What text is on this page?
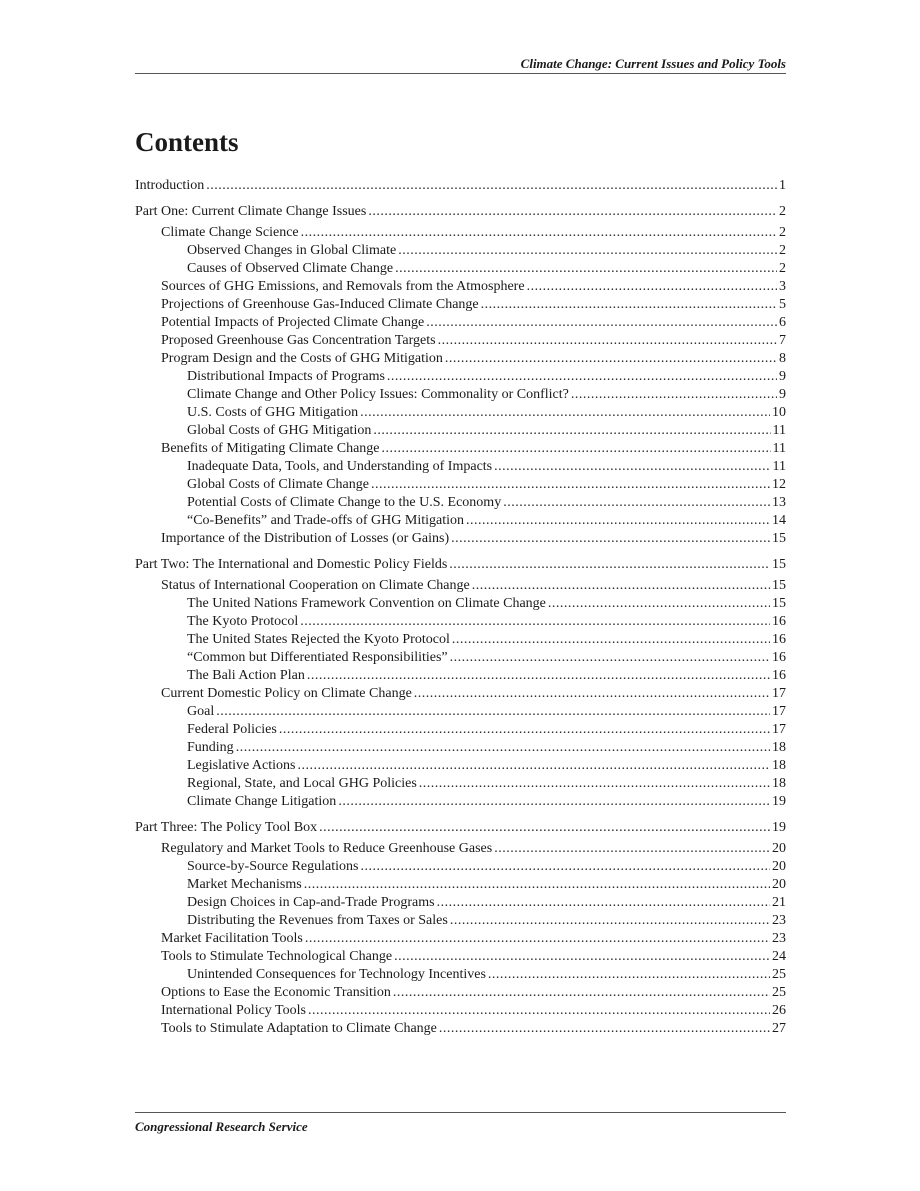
Climate Change: Current Issues and Policy Tools
Contents
Introduction .....	1
Part One: Current Climate Change Issues .....	2
Climate Change Science .....	2
Observed Changes in Global Climate .....	2
Causes of Observed Climate Change .....	2
Sources of GHG Emissions, and Removals from the Atmosphere .....	3
Projections of Greenhouse Gas-Induced Climate Change .....	5
Potential Impacts of Projected Climate Change .....	6
Proposed Greenhouse Gas Concentration Targets .....	7
Program Design and the Costs of GHG Mitigation .....	8
Distributional Impacts of Programs .....	9
Climate Change and Other Policy Issues: Commonality or Conflict? .....	9
U.S. Costs of GHG Mitigation .....	10
Global Costs of GHG Mitigation .....	11
Benefits of Mitigating Climate Change .....	11
Inadequate Data, Tools, and Understanding of Impacts .....	11
Global Costs of Climate Change .....	12
Potential Costs of Climate Change to the U.S. Economy .....	13
“Co-Benefits” and Trade-offs of GHG Mitigation .....	14
Importance of the Distribution of Losses (or Gains) .....	15
Part Two: The International and Domestic Policy Fields .....	15
Status of International Cooperation on Climate Change .....	15
The United Nations Framework Convention on Climate Change .....	15
The Kyoto Protocol .....	16
The United States Rejected the Kyoto Protocol .....	16
“Common but Differentiated Responsibilities” .....	16
The Bali Action Plan .....	16
Current Domestic Policy on Climate Change .....	17
Goal .....	17
Federal Policies .....	17
Funding .....	18
Legislative Actions .....	18
Regional, State, and Local GHG Policies .....	18
Climate Change Litigation .....	19
Part Three: The Policy Tool Box .....	19
Regulatory and Market Tools to Reduce Greenhouse Gases .....	20
Source-by-Source Regulations .....	20
Market Mechanisms .....	20
Design Choices in Cap-and-Trade Programs .....	21
Distributing the Revenues from Taxes or Sales .....	23
Market Facilitation Tools .....	23
Tools to Stimulate Technological Change .....	24
Unintended Consequences for Technology Incentives .....	25
Options to Ease the Economic Transition .....	25
International Policy Tools .....	26
Tools to Stimulate Adaptation to Climate Change .....	27
Congressional Research Service
